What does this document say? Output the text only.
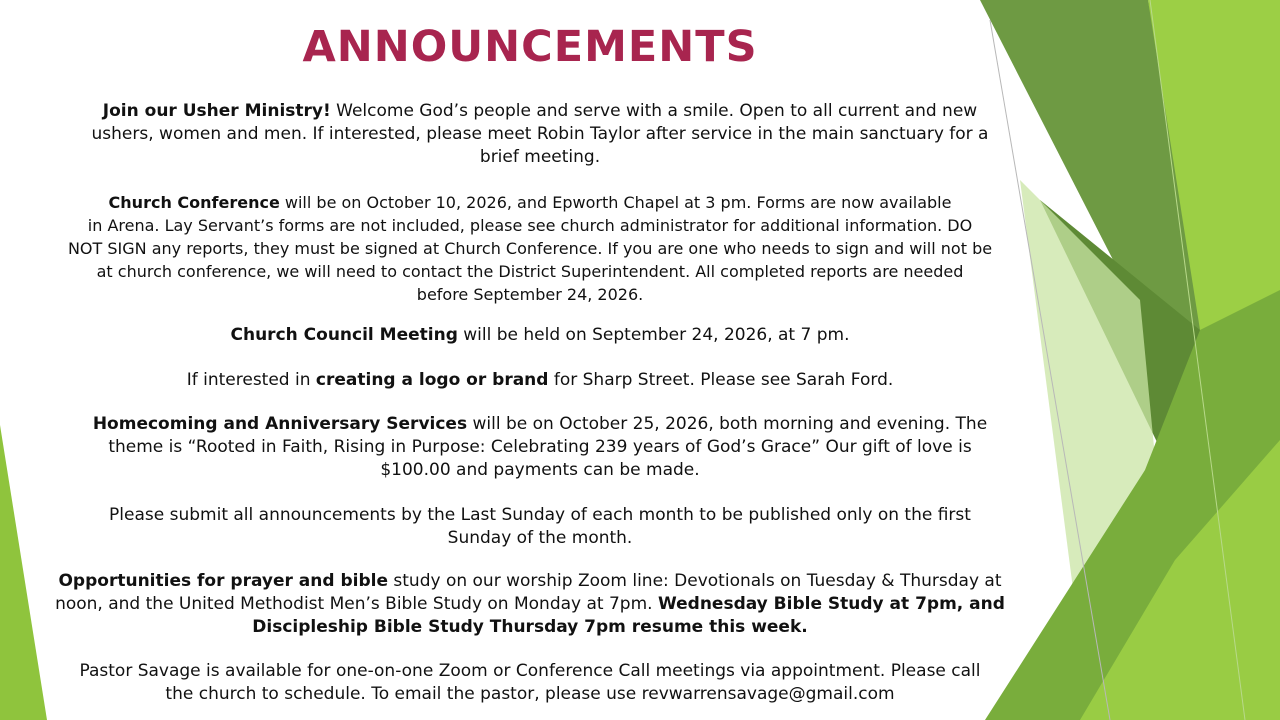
ANNOUNCEMENTS
Join our Usher Ministry! Welcome God’s people and serve with a smile. Open to all current and new
ushers, women and men. If interested, please meet Robin Taylor after service in the main sanctuary for a
brief meeting.
Church Conference will be on October 10, 2026, and Epworth Chapel at 3 pm. Forms are now available
in Arena. Lay Servant’s forms are not included, please see church administrator for additional information. DO
NOT SIGN any reports, they must be signed at Church Conference. If you are one who needs to sign and will not be
at church conference, we will need to contact the District Superintendent. All completed reports are needed
before September 24, 2026.
Church Council Meeting will be held on September 24, 2026, at 7 pm.
If interested in creating a logo or brand for Sharp Street. Please see Sarah Ford.
Homecoming and Anniversary Services will be on October 25, 2026, both morning and evening. The
theme is “Rooted in Faith, Rising in Purpose: Celebrating 239 years of God’s Grace” Our gift of love is
$100.00 and payments can be made.
Please submit all announcements by the Last Sunday of each month to be published only on the first
Sunday of the month.
Opportunities for prayer and bible study on our worship Zoom line: Devotionals on Tuesday & Thursday at
noon, and the United Methodist Men’s Bible Study on Monday at 7pm. Wednesday Bible Study at 7pm, and
Discipleship Bible Study Thursday 7pm resume this week.
Pastor Savage is available for one-on-one Zoom or Conference Call meetings via appointment. Please call
the church to schedule. To email the pastor, please use revwarrensavage@gmail.com
